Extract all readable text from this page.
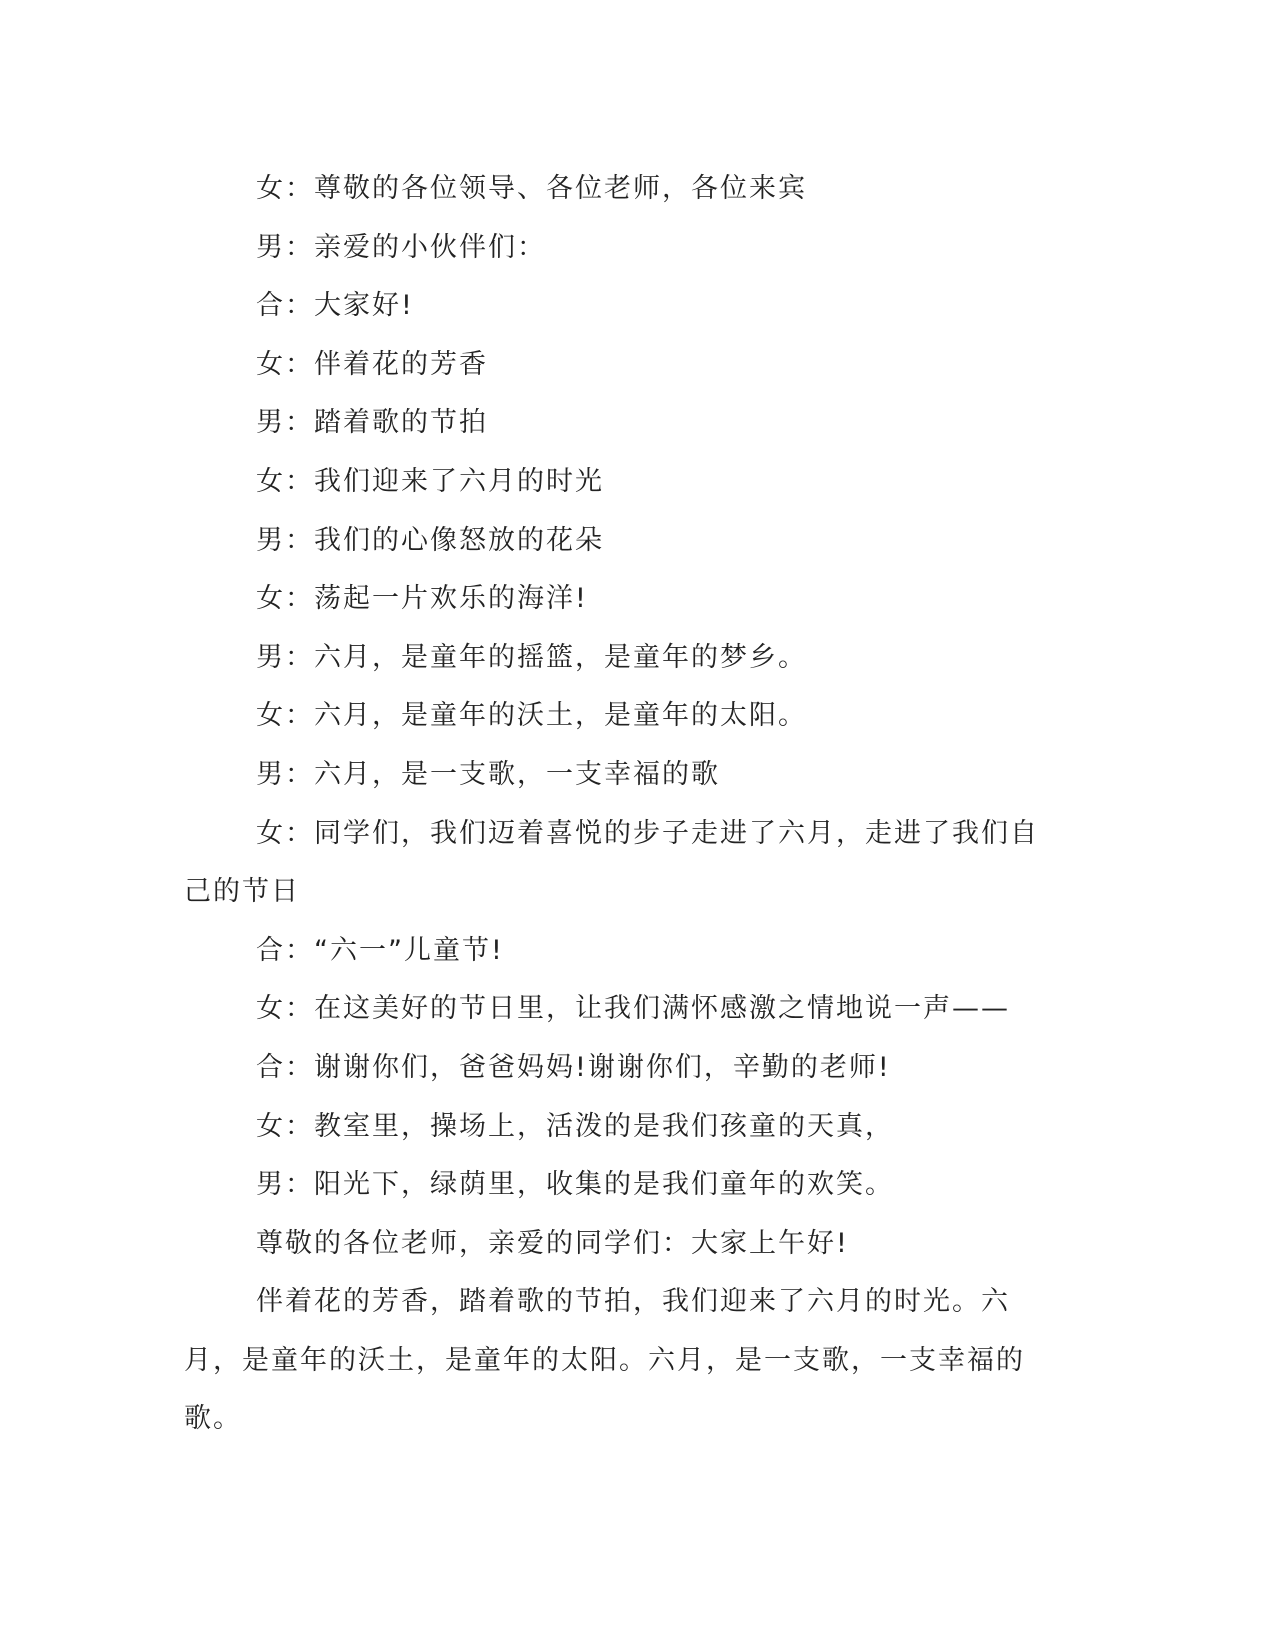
女：尊敬的各位领导、各位老师，各位来宾

男：亲爱的小伙伴们：

合：大家好!

女：伴着花的芳香

男：踏着歌的节拍

女：我们迎来了六月的时光

男：我们的心像怒放的花朵

女：荡起一片欢乐的海洋!

男：六月，是童年的摇篮，是童年的梦乡。

女：六月，是童年的沃土，是童年的太阳。

男：六月，是一支歌，一支幸福的歌

女：同学们，我们迈着喜悦的步子走进了六月，走进了我们自己的节日

合：“六一”儿童节!

女：在这美好的节日里，让我们满怀感激之情地说一声——

合：谢谢你们，爸爸妈妈!谢谢你们，辛勤的老师!

女：教室里，操场上，活泼的是我们孩童的天真，

男：阳光下，绿荫里，收集的是我们童年的欢笑。

尊敬的各位老师，亲爱的同学们：大家上午好!

伴着花的芳香，踏着歌的节拍，我们迎来了六月的时光。六月，是童年的沃土，是童年的太阳。六月，是一支歌，一支幸福的歌。
